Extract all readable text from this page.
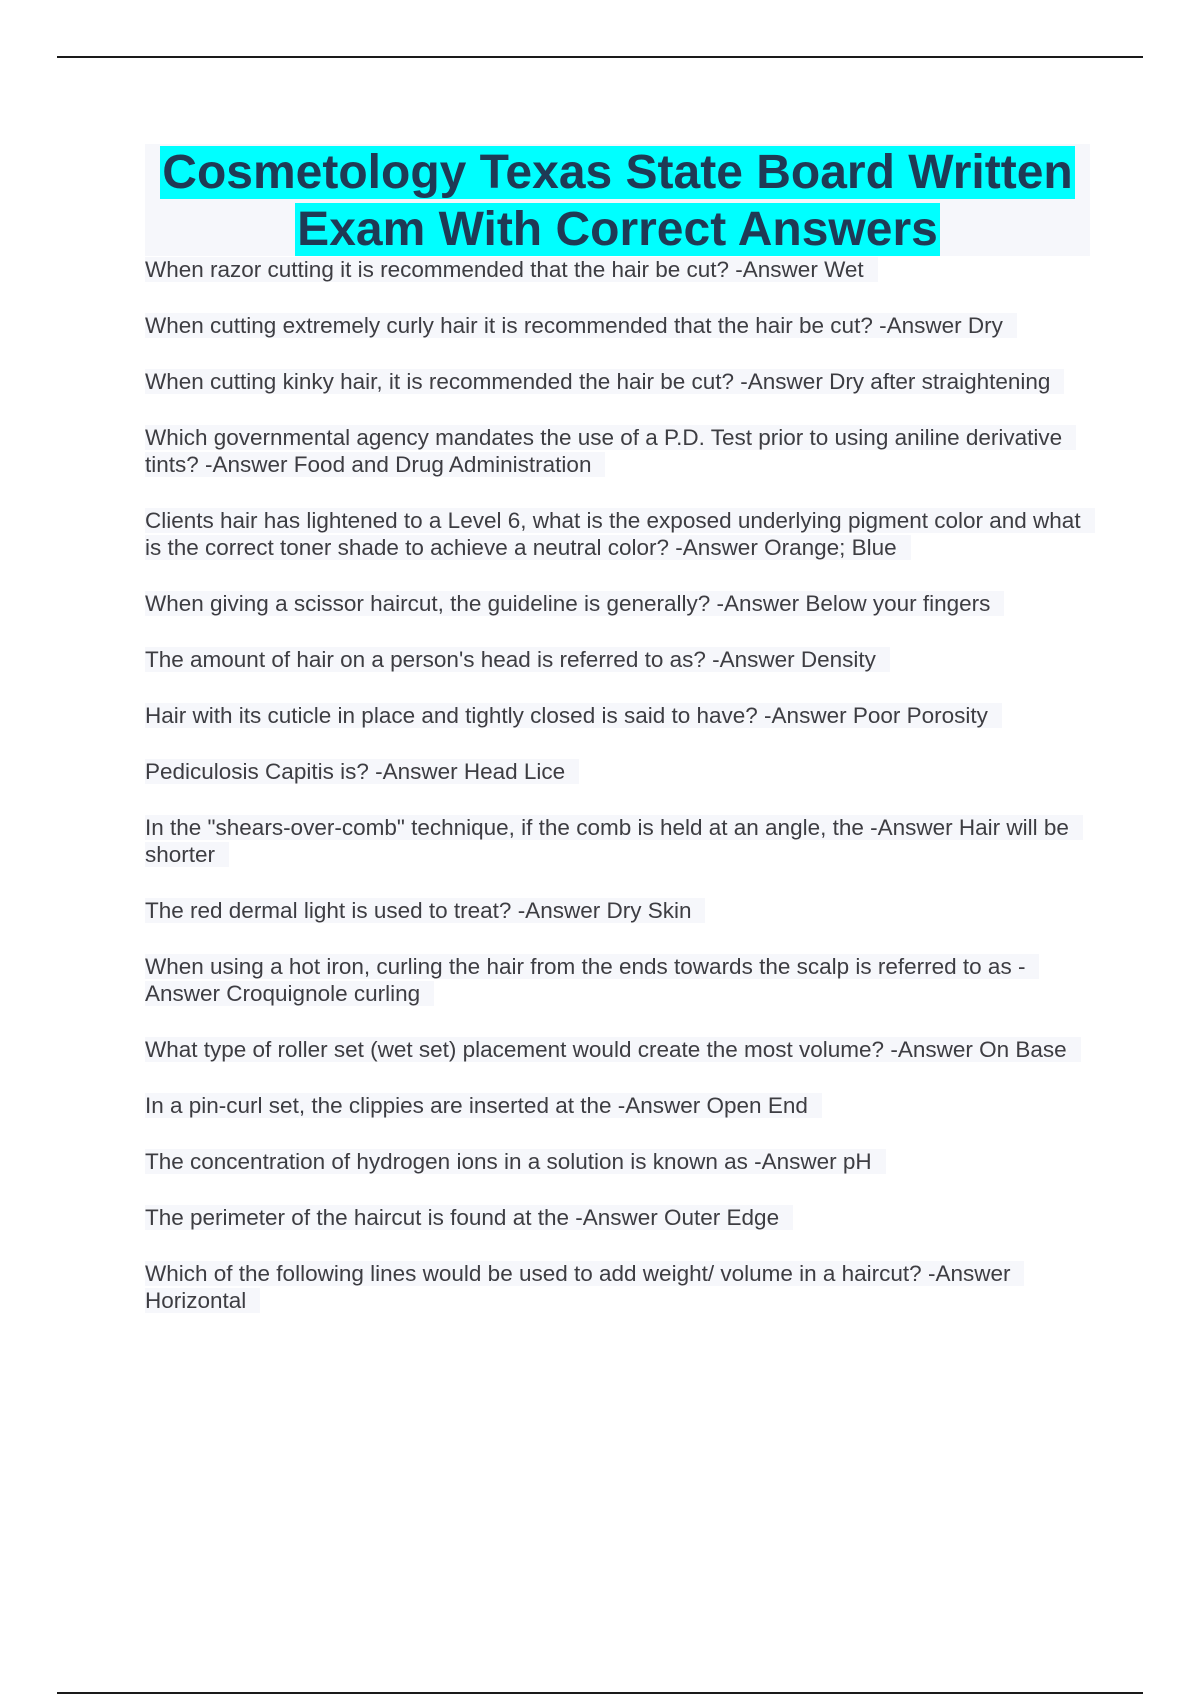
Cosmetology Texas State Board Written Exam With Correct Answers
When razor cutting it is recommended that the hair be cut? -Answer Wet
When cutting extremely curly hair it is recommended that the hair be cut? -Answer Dry
When cutting kinky hair, it is recommended the hair be cut? -Answer Dry after straightening
Which governmental agency mandates the use of a P.D. Test prior to using aniline derivative tints? -Answer Food and Drug Administration
Clients hair has lightened to a Level 6, what is the exposed underlying pigment color and what is the correct toner shade to achieve a neutral color? -Answer Orange; Blue
When giving a scissor haircut, the guideline is generally? -Answer Below your fingers
The amount of hair on a person's head is referred to as? -Answer Density
Hair with its cuticle in place and tightly closed is said to have? -Answer Poor Porosity
Pediculosis Capitis is? -Answer Head Lice
In the "shears-over-comb" technique, if the comb is held at an angle, the -Answer Hair will be shorter
The red dermal light is used to treat? -Answer Dry Skin
When using a hot iron, curling the hair from the ends towards the scalp is referred to as -Answer Croquignole curling
What type of roller set (wet set) placement would create the most volume? -Answer On Base
In a pin-curl set, the clippies are inserted at the -Answer Open End
The concentration of hydrogen ions in a solution is known as -Answer pH
The perimeter of the haircut is found at the -Answer Outer Edge
Which of the following lines would be used to add weight/ volume in a haircut? -Answer Horizontal
